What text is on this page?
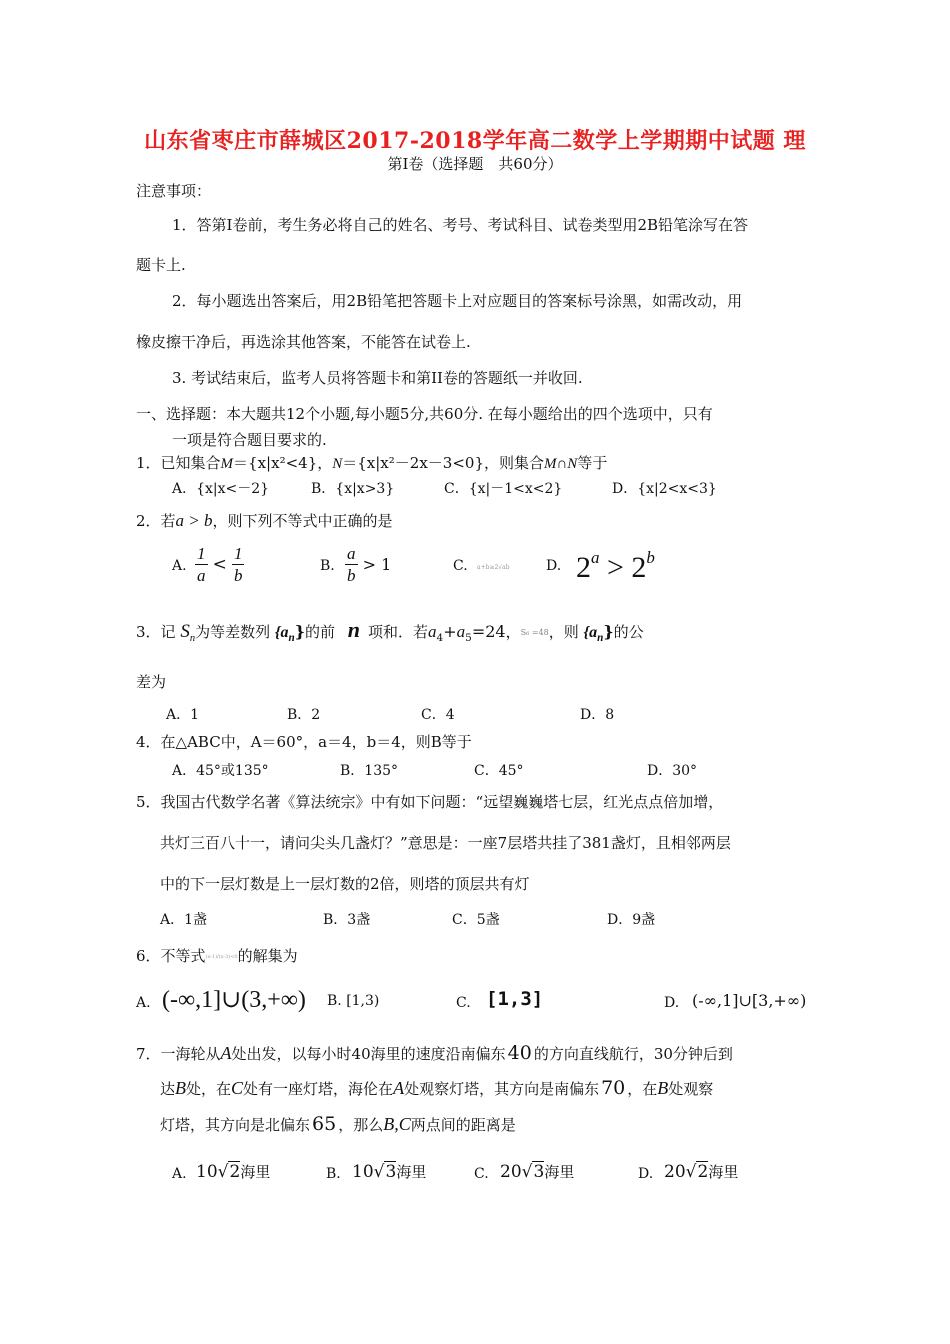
山东省枣庄市薛城区2017-2018学年高二数学上学期期中试题 理
第Ⅰ卷（选择题　共60分）
注意事项：
1．答第Ⅰ卷前，考生务必将自己的姓名、考号、考试科目、试卷类型用2B铅笔涂写在答
题卡上.
2．每小题选出答案后，用2B铅笔把答题卡上对应题目的答案标号涂黑，如需改动，用
橡皮擦干净后，再选涂其他答案，不能答在试卷上.
3. 考试结束后，监考人员将答题卡和第II卷的答题纸一并收回.
一、选择题：本大题共12个小题,每小题5分,共60分. 在每小题给出的四个选项中，只有
一项是符合题目要求的.
1．已知集合M＝{x|x²<4}，N＝{x|x²－2x－3<0}，则集合M∩N等于
A．{x|x<－2}	B．{x|x>3}	C．{x|－1<x<2}	D．{x|2<x<3}
2．若a > b，则下列不等式中正确的是
A. $\frac{1}{a} < \frac{1}{b}$	B. $\frac{a}{b} > 1$	C. a+b≥2√ab	D. $2^a > 2^b$
3．记 $S_n$为等差数列 $\{a_n\}$的前 n 项和．若$a_4+a_5=24$，S₆ =48，则 $\{a_n\}$的公
差为
A．1	B．2	C．4	D．8
4．在△ABC中，A＝60°，a＝4，b＝4，则B等于
A．45°或135°	B．135°	C．45°	D．30°
5．我国古代数学名著《算法统宗》中有如下问题：“远望巍巍塔七层，红光点点倍加增，
共灯三百八十一，请问尖头几盏灯？”意思是：一座7层塔共挂了381盏灯，且相邻两层
中的下一层灯数是上一层灯数的2倍，则塔的顶层共有灯
A．1盏	B．3盏	C．5盏	D．9盏
6．不等式(x-1)/(x-3)<0的解集为
A. (-∞,1]∪(3,+∞) B. [1,3)	C. [1,3]	D. (-∞,1]∪[3,+∞)
7．一海轮从A处出发，以每小时40海里的速度沿南偏东 40 的方向直线航行，30分钟后到
达B处，在C处有一座灯塔，海伦在A处观察灯塔，其方向是南偏东 70 ，在B处观察
灯塔，其方向是北偏东 65 ，那么B,C两点间的距离是
A. 10√2海里	B. 10√3海里	C. 20√3海里	D. 20√2海里
